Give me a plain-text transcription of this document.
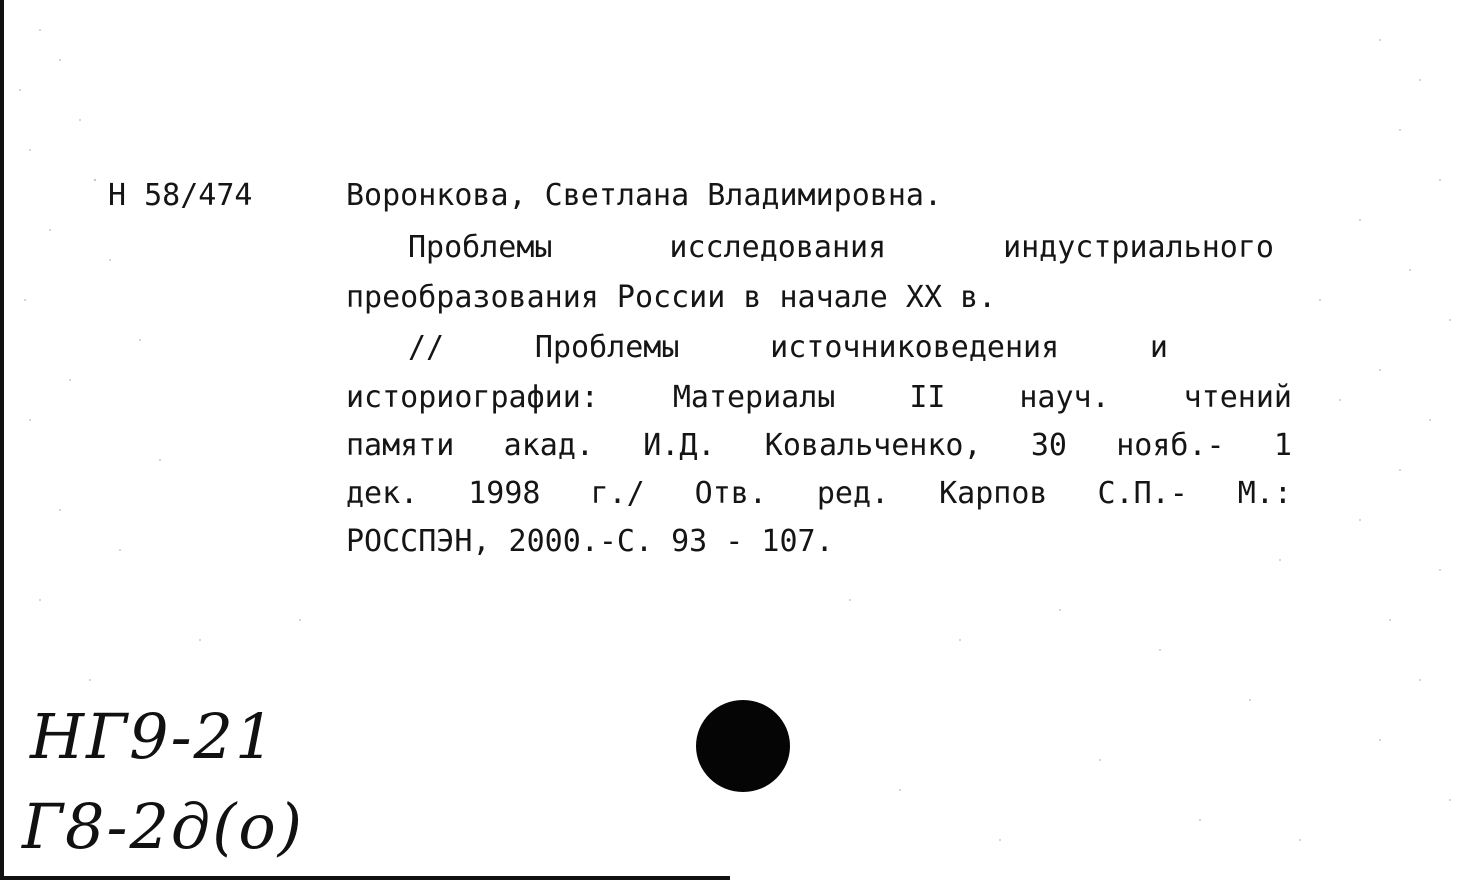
Н 58/474	Воронкова, Светлана Владимировна.
Проблемы	исследования	индустриального
преобразования России в начале XX в.
//	Проблемы	источниковедения	и
историографии: Материалы II науч. чтений
памяти акад. И.Д. Ковальченко, 30 нояб.- 1
дек. 1998 г./ Отв. ред. Карпов С.П.- М.:
РОССПЭН, 2000.-С. 93 - 107.
НГ9-21
Г8-2д(о)
